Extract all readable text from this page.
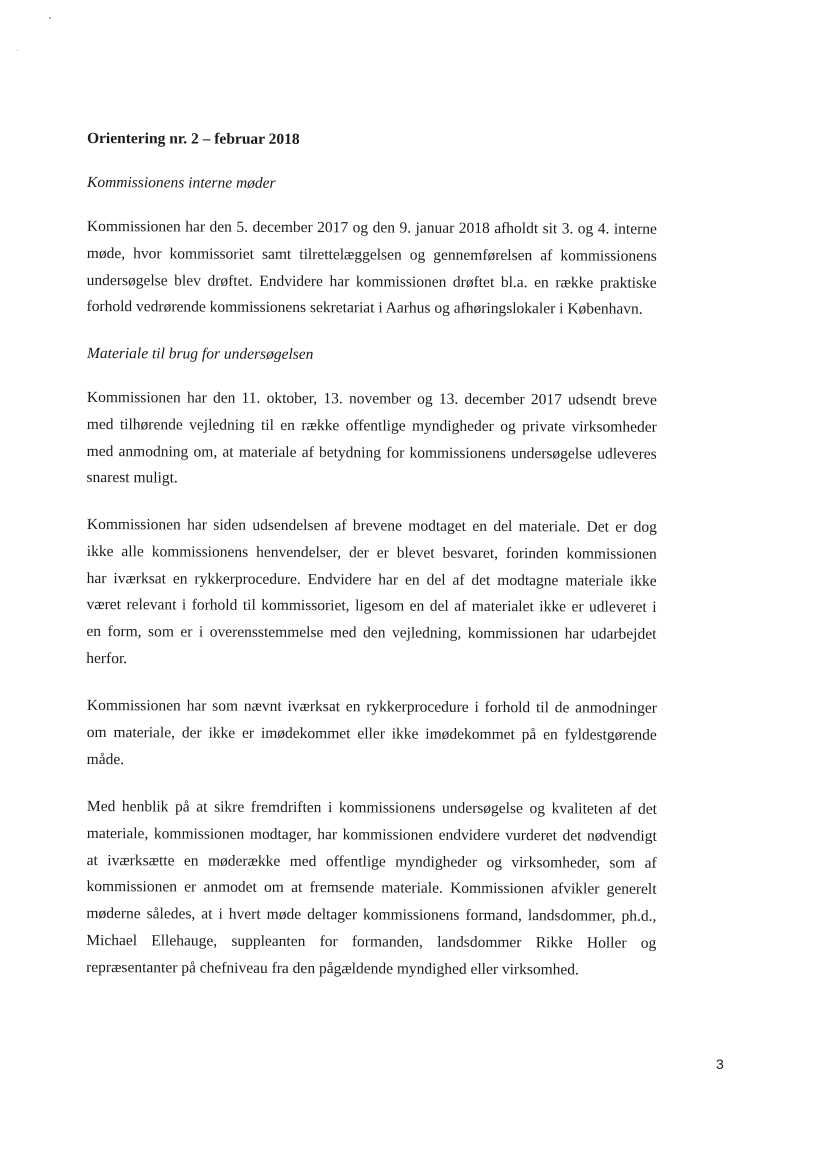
Orientering nr. 2 – februar 2018
Kommissionens interne møder
Kommissionen har den 5. december 2017 og den 9. januar 2018 afholdt sit 3. og 4. interne
møde, hvor kommissoriet samt tilrettelæggelsen og gennemførelsen af kommissionens
undersøgelse blev drøftet. Endvidere har kommissionen drøftet bl.a. en række praktiske
forhold vedrørende kommissionens sekretariat i Aarhus og afhøringslokaler i København.
Materiale til brug for undersøgelsen
Kommissionen har den 11. oktober, 13. november og 13. december 2017 udsendt breve
med tilhørende vejledning til en række offentlige myndigheder og private virksomheder
med anmodning om, at materiale af betydning for kommissionens undersøgelse udleveres
snarest muligt.
Kommissionen har siden udsendelsen af brevene modtaget en del materiale. Det er dog
ikke alle kommissionens henvendelser, der er blevet besvaret, forinden kommissionen
har iværksat en rykkerprocedure. Endvidere har en del af det modtagne materiale ikke
været relevant i forhold til kommissoriet, ligesom en del af materialet ikke er udleveret i
en form, som er i overensstemmelse med den vejledning, kommissionen har udarbejdet
herfor.
Kommissionen har som nævnt iværksat en rykkerprocedure i forhold til de anmodninger
om materiale, der ikke er imødekommet eller ikke imødekommet på en fyldestgørende
måde.
Med henblik på at sikre fremdriften i kommissionens undersøgelse og kvaliteten af det
materiale, kommissionen modtager, har kommissionen endvidere vurderet det nødvendigt
at iværksætte en møderække med offentlige myndigheder og virksomheder, som af
kommissionen er anmodet om at fremsende materiale. Kommissionen afvikler generelt
møderne således, at i hvert møde deltager kommissionens formand, landsdommer, ph.d.,
Michael Ellehauge, suppleanten for formanden, landsdommer Rikke Holler og
repræsentanter på chefniveau fra den pågældende myndighed eller virksomhed.
3
